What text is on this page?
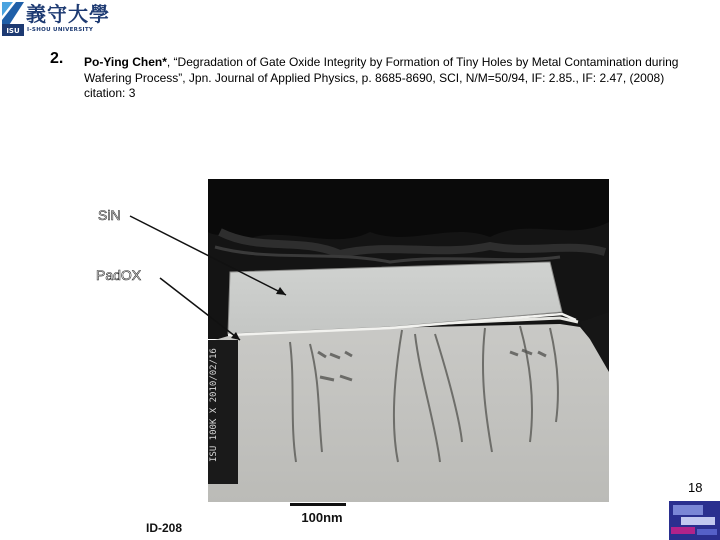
ISU
義守大學
I-SHOU UNIVERSITY
2. Po-Ying Chen*, “Degradation of Gate Oxide Integrity by Formation of Tiny Holes by Metal Contamination during Wafering Process”, Jpn. Journal of Applied Physics, p. 8685-8690, SCI, N/M=50/94, IF: 2.85., IF: 2.47, (2008) citation: 3
ISU 100K X 2010/02/16
SiN
PadOX
100nm
ID-208
18
